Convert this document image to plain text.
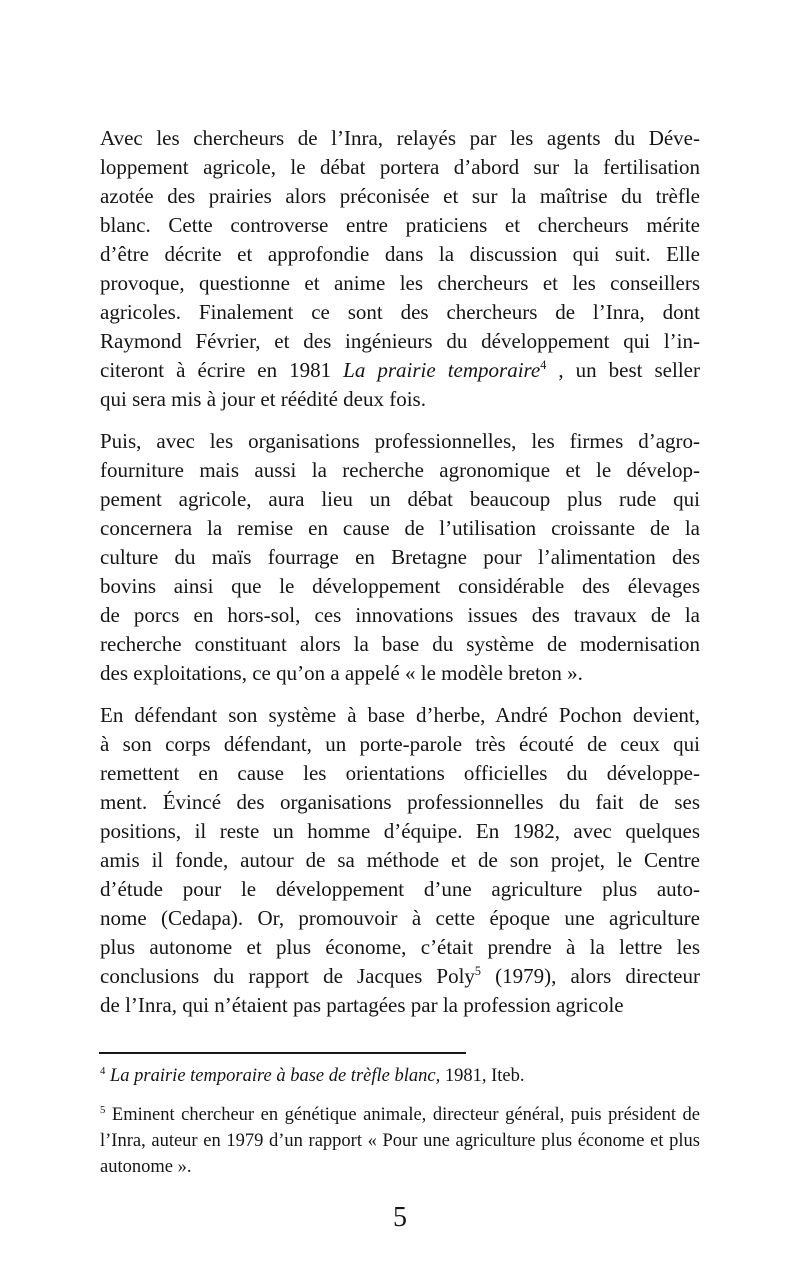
Avec les chercheurs de l’Inra, relayés par les agents du Déve-
loppement agricole, le débat portera d’abord sur la fertilisation
azotée des prairies alors préconisée et sur la maîtrise du trèfle
blanc. Cette controverse entre praticiens et chercheurs mérite
d’être décrite et approfondie dans la discussion qui suit. Elle
provoque, questionne et anime les chercheurs et les conseillers
agricoles. Finalement ce sont des chercheurs de l’Inra, dont
Raymond Février, et des ingénieurs du développement qui l’in-
citeront à écrire en 1981 La prairie temporaire$^4$ , un best seller
qui sera mis à jour et réédité deux fois.
Puis, avec les organisations professionnelles, les firmes d’agro-
fourniture mais aussi la recherche agronomique et le dévelop-
pement agricole, aura lieu un débat beaucoup plus rude qui
concernera la remise en cause de l’utilisation croissante de la
culture du maïs fourrage en Bretagne pour l’alimentation des
bovins ainsi que le développement considérable des élevages
de porcs en hors-sol, ces innovations issues des travaux de la
recherche constituant alors la base du système de modernisation
des exploitations, ce qu’on a appelé « le modèle breton ».
En défendant son système à base d’herbe, André Pochon devient,
à son corps défendant, un porte-parole très écouté de ceux qui
remettent en cause les orientations officielles du développe-
ment. Évincé des organisations professionnelles du fait de ses
positions, il reste un homme d’équipe. En 1982, avec quelques
amis il fonde, autour de sa méthode et de son projet, le Centre
d’étude pour le développement d’une agriculture plus auto-
nome (Cedapa). Or, promouvoir à cette époque une agriculture
plus autonome et plus économe, c’était prendre à la lettre les
conclusions du rapport de Jacques Poly$^5$ (1979), alors directeur
de l’Inra, qui n’étaient pas partagées par la profession agricole
$^4$ La prairie temporaire à base de trèfle blanc, 1981, Iteb.
$^5$ Eminent chercheur en génétique animale, directeur général, puis président de
l’Inra, auteur en 1979 d’un rapport « Pour une agriculture plus économe et plus
autonome ».
5
